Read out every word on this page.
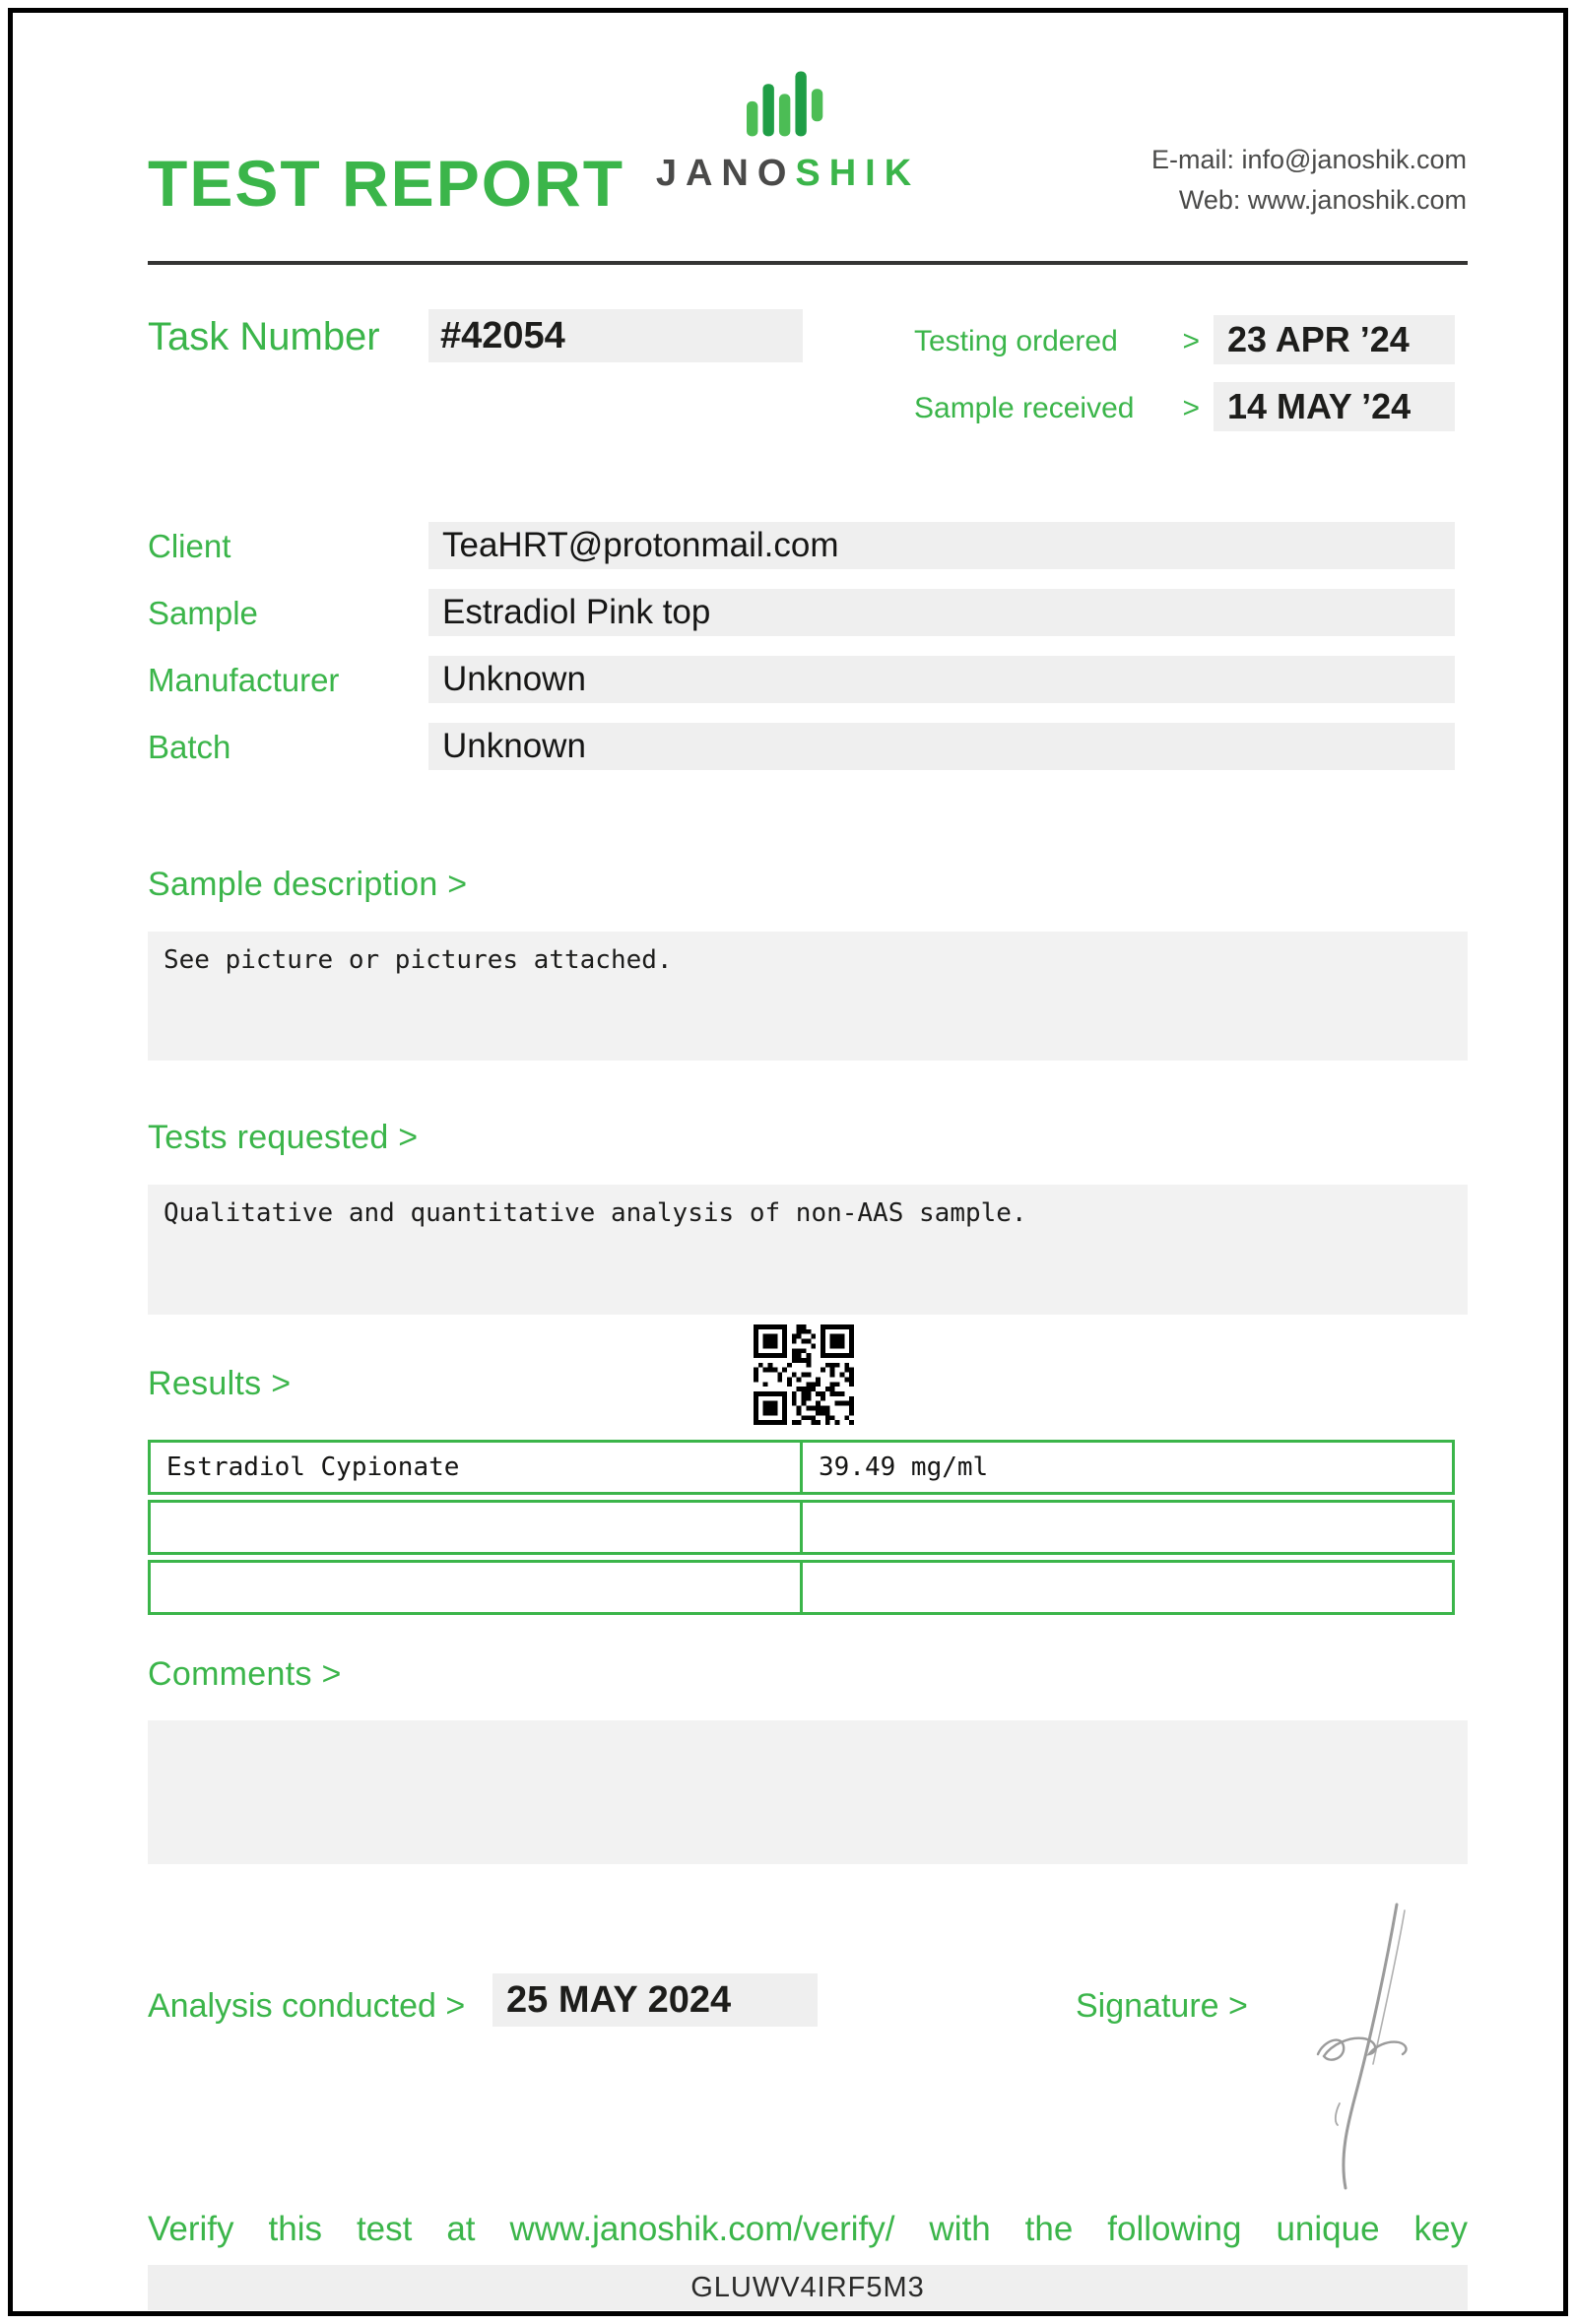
TEST REPORT JANOSHIK	E-mail: info@janoshik.com
Web: www.janoshik.com
Task Number	#42054	Testing ordered > 23 APR ’24
Sample received > 14 MAY ’24
Client	TeaHRT@protonmail.com
Sample	Estradiol Pink top
Manufacturer	Unknown
Batch	Unknown
Sample description >
See picture or pictures attached.
Tests requested >
Qualitative and quantitative analysis of non-AAS sample.
Results >
Estradiol Cypionate	39.49 mg/ml
Comments >
Analysis conducted >	25 MAY 2024	Signature >
Verify this test at www.janoshik.com/verify/ with the following unique key
GLUWV4IRF5M3
